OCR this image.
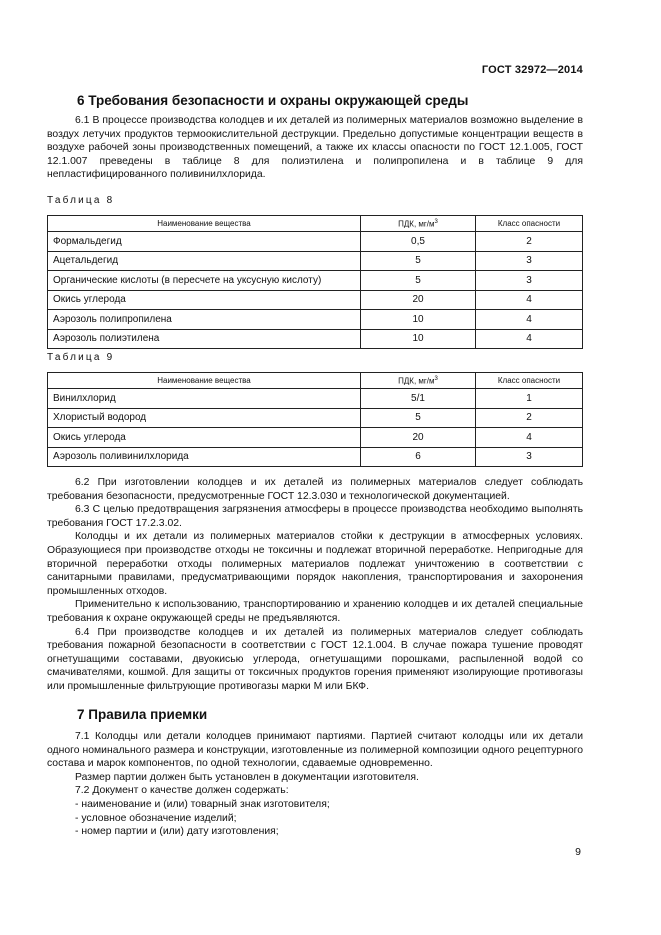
ГОСТ 32972—2014
6 Требования безопасности и охраны окружающей среды

6.1 В процессе производства колодцев и их деталей из полимерных материалов возможно выделение в воздух летучих продуктов термоокислительной деструкции. Предельно допустимые концентрации веществ в воздухе рабочей зоны производственных помещений, а также их классы опасности по ГОСТ 12.1.005, ГОСТ 12.1.007 преведены в таблице 8 для полиэтилена и полипропилена и в таблице 9 для непластифицированного поливинилхлорида.

Таблица 8
Наименование вещества	ПДК, $мг/м^3$	Класс опасности
Формальдегид	0,5	2
Ацетальдегид	5	3
Органические кислоты (в пересчете на уксусную кислоту)	5	3
Окись углерода	20	4
Аэрозоль полипропилена	10	4
Аэрозоль полиэтилена	10	4
Таблица 9
Наименование вещества	ПДК, $мг/м^3$	Класс опасности
Винилхлорид	5/1	1
Хлористый водород	5	2
Окись углерода	20	4
Аэрозоль поливинилхлорида	6	3

6.2 При изготовлении колодцев и их деталей из полимерных материалов следует соблюдать требования безопасности, предусмотренные ГОСТ 12.3.030 и технологической документацией.

6.3 С целью предотвращения загрязнения атмосферы в процессе производства необходимо выполнять требования ГОСТ 17.2.3.02.

Колодцы и их детали из полимерных материалов стойки к деструкции в атмосферных условиях. Образующиеся при производстве отходы не токсичны и подлежат вторичной переработке. Непригодные для вторичной переработки отходы полимерных материалов подлежат уничтожению в соответствии с санитарными правилами, предусматривающими порядок накопления, транспортирования и захоронения промышленных отходов.

Применительно к использованию, транспортированию и хранению колодцев и их деталей специальные требования к охране окружающей среды не предъявляются.

6.4 При производстве колодцев и их деталей из полимерных материалов следует соблюдать требования пожарной безопасности в соответствии с ГОСТ 12.1.004. В случае пожара тушение проводят огнетушащими составами, двуокисью углерода, огнетушащими порошками, распыленной водой со смачивателями, кошмой. Для защиты от токсичных продуктов горения применяют изолирующие противогазы или промышленные фильтрующие противогазы марки М или БКФ.

7 Правила приемки

7.1 Колодцы или детали колодцев принимают партиями. Партией считают колодцы или их детали одного номинального размера и конструкции, изготовленные из полимерной композиции одного рецептурного состава и марок компонентов, по одной технологии, сдаваемые одновременно.

Размер партии должен быть установлен в документации изготовителя.

7.2 Документ о качестве должен содержать:

- наименование и (или) товарный знак изготовителя;

- условное обозначение изделий;

- номер партии и (или) дату изготовления;

9
